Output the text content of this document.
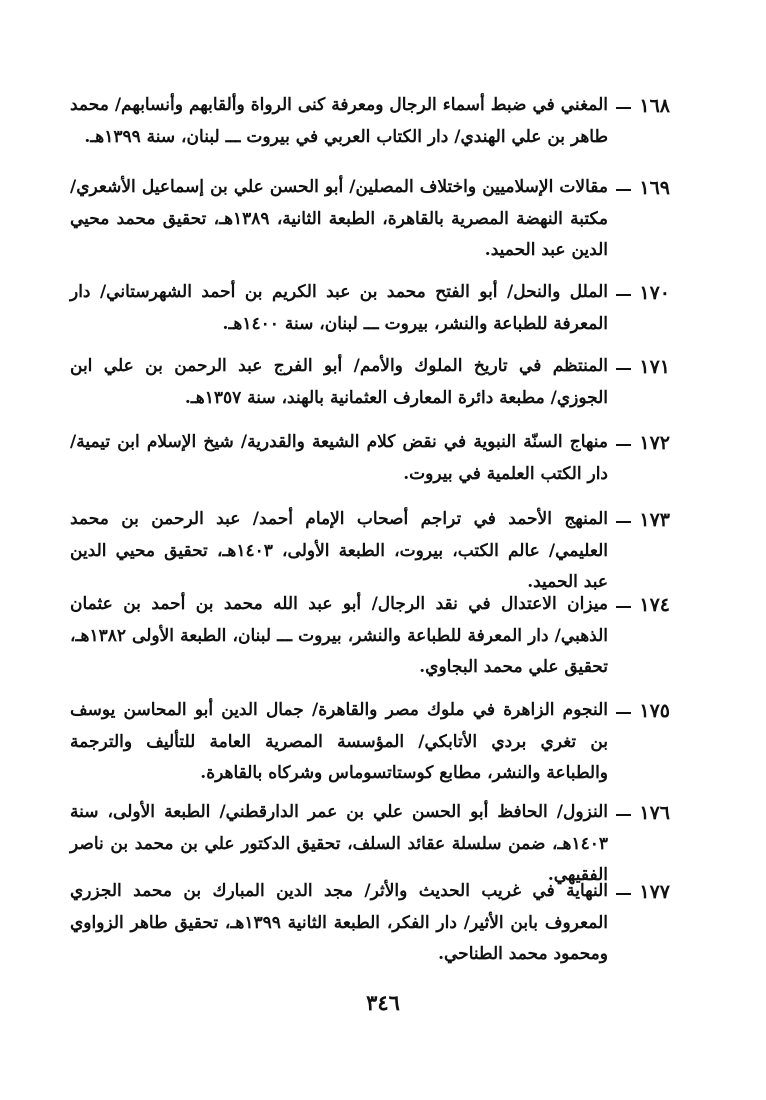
١٦٨

المغني في ضبط أسماء الرجال ومعرفة كنى الرواة وألقابهم وأنسابهم/ محمد طاهر بن علي الهندي/ دار الكتاب العربي في بيروت ـــ لبنان، سنة ١٣٩٩هـ.

١٦٩

مقالات الإسلاميين واختلاف المصلين/ أبو الحسن علي بن إسماعيل الأشعري/ مكتبة النهضة المصرية بالقاهرة، الطبعة الثانية، ١٣٨٩هـ، تحقيق محمد محيي الدين عبد الحميد.

١٧٠

الملل والنحل/ أبو الفتح محمد بن عبد الكريم بن أحمد الشهرستاني/ دار المعرفة للطباعة والنشر، بيروت ـــ لبنان، سنة ١٤٠٠هـ.

١٧١

المنتظم في تاريخ الملوك والأمم/ أبو الفرج عبد الرحمن بن علي ابن الجوزي/ مطبعة دائرة المعارف العثمانية بالهند، سنة ١٣٥٧هـ.

١٧٢

منهاج السنّة النبوية في نقض كلام الشيعة والقدرية/ شيخ الإسلام ابن تيمية/ دار الكتب العلمية في بيروت.

١٧٣

المنهج الأحمد في تراجم أصحاب الإمام أحمد/ عبد الرحمن بن محمد العليمي/ عالم الكتب، بيروت، الطبعة الأولى، ١٤٠٣هـ، تحقيق محيي الدين عبد الحميد.

١٧٤

ميزان الاعتدال في نقد الرجال/ أبو عبد الله محمد بن أحمد بن عثمان الذهبي/ دار المعرفة للطباعة والنشر، بيروت ـــ لبنان، الطبعة الأولى ١٣٨٢هـ، تحقيق علي محمد البجاوي.

١٧٥

النجوم الزاهرة في ملوك مصر والقاهرة/ جمال الدين أبو المحاسن يوسف بن تغري بردي الأتابكي/ المؤسسة المصرية العامة للتأليف والترجمة والطباعة والنشر، مطابع كوستاتسوماس وشركاه بالقاهرة.

١٧٦

النزول/ الحافظ أبو الحسن علي بن عمر الدارقطني/ الطبعة الأولى، سنة ١٤٠٣هـ، ضمن سلسلة عقائد السلف، تحقيق الدكتور علي بن محمد بن ناصر الفقيهي.

١٧٧

النهاية في غريب الحديث والأثر/ مجد الدين المبارك بن محمد الجزري المعروف بابن الأثير/ دار الفكر، الطبعة الثانية ١٣٩٩هـ، تحقيق طاهر الزواوي ومحمود محمد الطناحي.

٣٤٦
